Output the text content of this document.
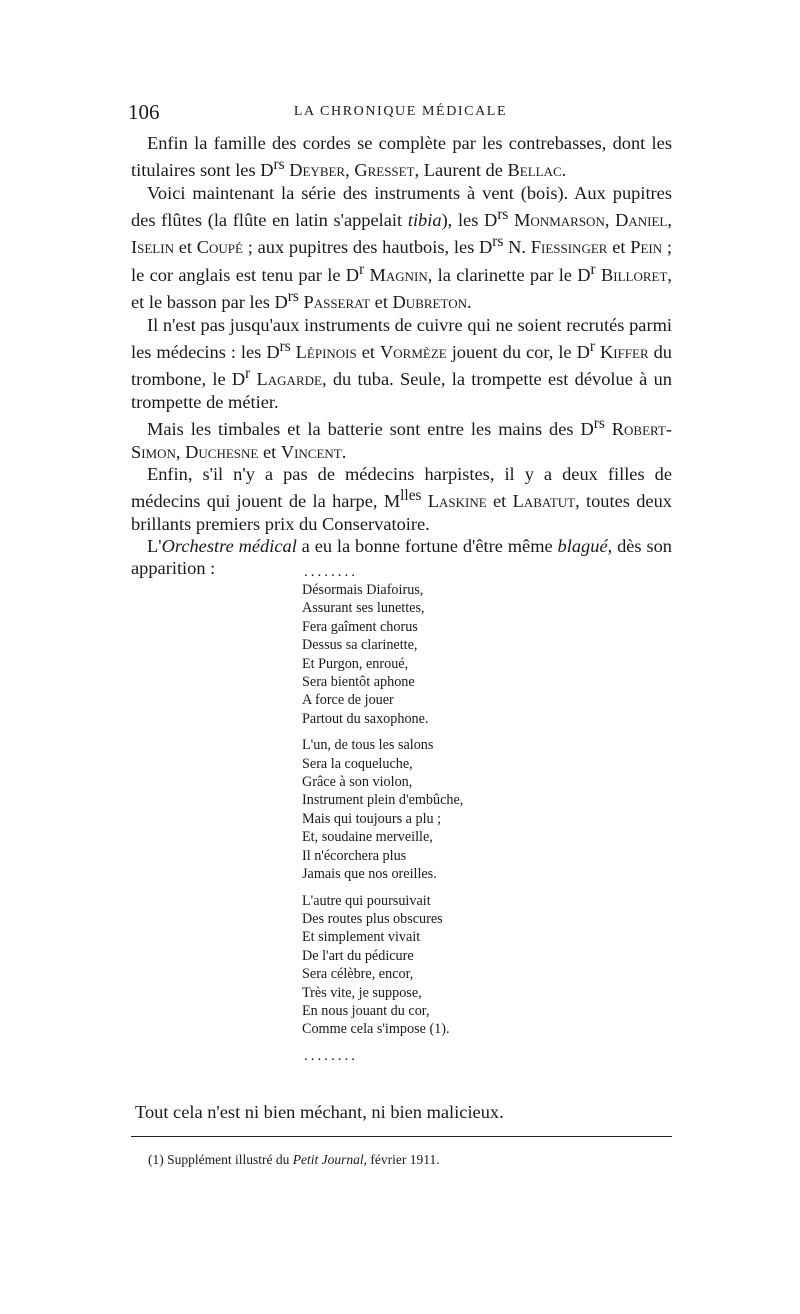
106	LA CHRONIQUE MÉDICALE

Enfin la famille des cordes se complète par les contrebasses, dont les titulaires sont les $D^{rs}$ Deyber, Gresset, Laurent de Bellac.

Voici maintenant la série des instruments à vent (bois). Aux pupitres des flûtes (la flûte en latin s'appelait tibia), les $D^{rs}$ Monmarson, Daniel, Iselin et Coupé ; aux pupitres des hautbois, les $D^{rs}$ N. Fiessinger et Pein ; le cor anglais est tenu par le $D^r$ Magnin, la clarinette par le $D^r$ Billoret, et le basson par les $D^{rs}$ Passerat et Dubreton.

Il n'est pas jusqu'aux instruments de cuivre qui ne soient recrutés parmi les médecins : les $D^{rs}$ Lépinois et Vormèze jouent du cor, le $D^r$ Kiffer du trombone, le $D^r$ Lagarde, du tuba. Seule, la trompette est dévolue à un trompette de métier.

Mais les timbales et la batterie sont entre les mains des $D^{rs}$ Robert-Simon, Duchesne et Vincent.

Enfin, s'il n'y a pas de médecins harpistes, il y a deux filles de médecins qui jouent de la harpe, $M^{lles}$ Laskine et Labatut, toutes deux brillants premiers prix du Conservatoire.

L'Orchestre médical a eu la bonne fortune d'être même blagué, dès son apparition :	........
Désormais Diafoirus,
Assurant ses lunettes,
Fera gaîment chorus
Dessus sa clarinette,
Et Purgon, enroué,
Sera bientôt aphone
A force de jouer
Partout du saxophone.
L'un, de tous les salons
Sera la coqueluche,
Grâce à son violon,
Instrument plein d'embûche,
Mais qui toujours a plu ;
Et, soudaine merveille,
Il n'écorchera plus
Jamais que nos oreilles.
L'autre qui poursuivait
Des routes plus obscures
Et simplement vivait
De l'art du pédicure
Sera célèbre, encor,
Très vite, je suppose,
En nous jouant du cor,
Comme cela s'impose (1).
........
Tout cela n'est ni bien méchant, ni bien malicieux.
(1) Supplément illustré du Petit Journal, février 1911.
